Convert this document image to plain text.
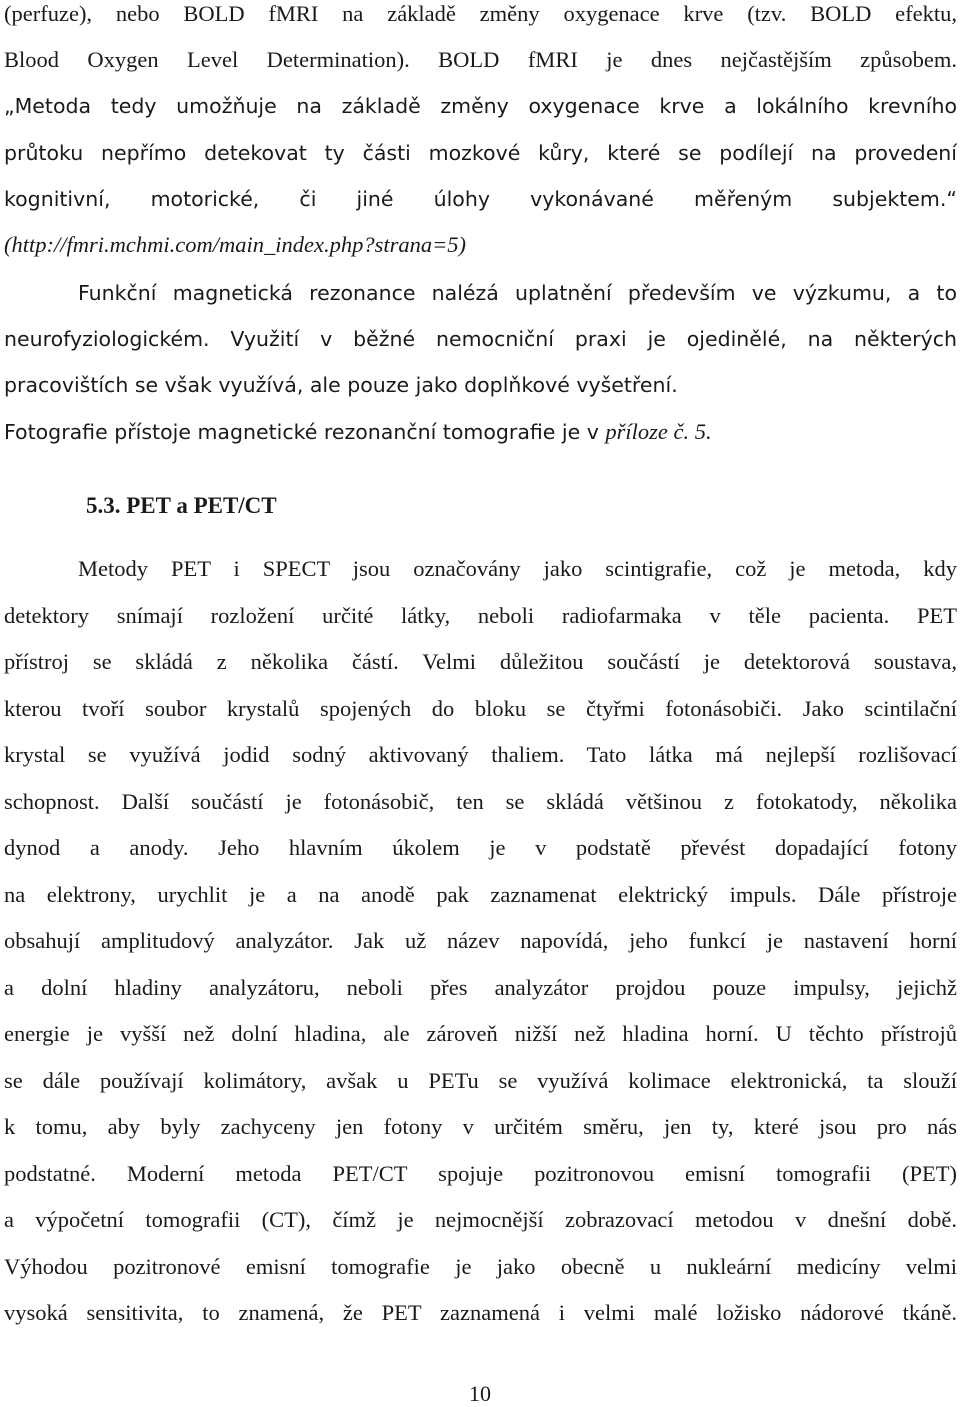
(perfuze), nebo BOLD fMRI na základě změny oxygenace krve (tzv. BOLD efektu,
Blood Oxygen Level Determination). BOLD fMRI je dnes nejčastějším způsobem.
„Metoda tedy umožňuje na základě změny oxygenace krve a lokálního krevního
průtoku nepřímo detekovat ty části mozkové kůry, které se podílejí na provedení
kognitivní, motorické, či jiné úlohy vykonávané měřeným subjektem.“
(http://fmri.mchmi.com/main_index.php?strana=5)
Funkční magnetická rezonance nalézá uplatnění především ve výzkumu, a to
neurofyziologickém. Využití v běžné nemocniční praxi je ojedinělé, na některých
pracovištích se však využívá, ale pouze jako doplňkové vyšetření.
Fotografie přístoje magnetické rezonanční tomografie je v příloze č. 5.
5.3. PET a PET/CT
Metody PET i SPECT jsou označovány jako scintigrafie, což je metoda, kdy
detektory snímají rozložení určité látky, neboli radiofarmaka v těle pacienta. PET
přístroj se skládá z několika částí. Velmi důležitou součástí je detektorová soustava,
kterou tvoří soubor krystalů spojených do bloku se čtyřmi fotonásobiči. Jako scintilační
krystal se využívá jodid sodný aktivovaný thaliem. Tato látka má nejlepší rozlišovací
schopnost. Další součástí je fotonásobič, ten se skládá většinou z fotokatody, několika
dynod a anody. Jeho hlavním úkolem je v podstatě převést dopadající fotony
na elektrony, urychlit je a na anodě pak zaznamenat elektrický impuls. Dále přístroje
obsahují amplitudový analyzátor. Jak už název napovídá, jeho funkcí je nastavení horní
a dolní hladiny analyzátoru, neboli přes analyzátor projdou pouze impulsy, jejichž
energie je vyšší než dolní hladina, ale zároveň nižší než hladina horní. U těchto přístrojů
se dále používají kolimátory, avšak u PETu se využívá kolimace elektronická, ta slouží
k tomu, aby byly zachyceny jen fotony v určitém směru, jen ty, které jsou pro nás
podstatné. Moderní metoda PET/CT spojuje pozitronovou emisní tomografii (PET)
a výpočetní tomografii (CT), čímž je nejmocnější zobrazovací metodou v dnešní době.
Výhodou pozitronové emisní tomografie je jako obecně u nukleární medicíny velmi
vysoká sensitivita, to znamená, že PET zaznamená i velmi malé ložisko nádorové tkáně.
10
